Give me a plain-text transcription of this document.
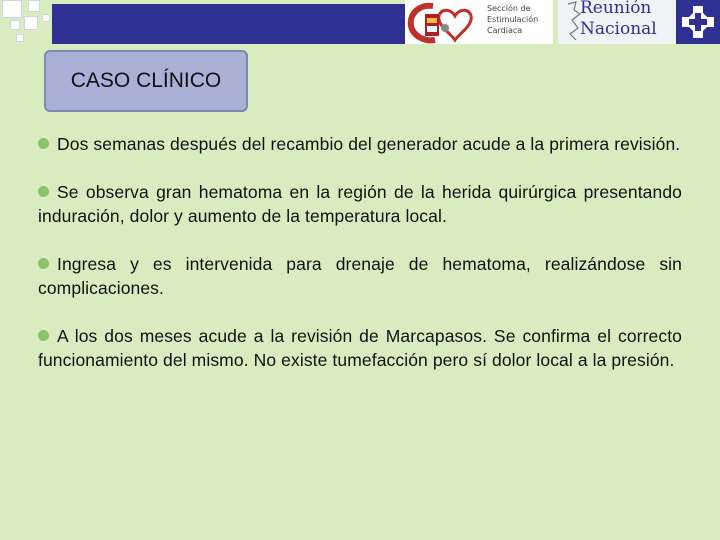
Sección de
Estimulación
Cardiaca
Reunión
Nacional
CASO CLÍNICO
Dos semanas después del recambio del generador acude a la primera revisión.
Se observa gran hematoma en la región de la herida quirúrgica presentando induración, dolor y aumento de la temperatura local.
Ingresa y es intervenida para drenaje de hematoma, realizándose sin complicaciones.
A los dos meses acude a la revisión de Marcapasos. Se confirma el correcto funcionamiento del mismo. No existe tumefacción pero sí dolor local a la presión.
